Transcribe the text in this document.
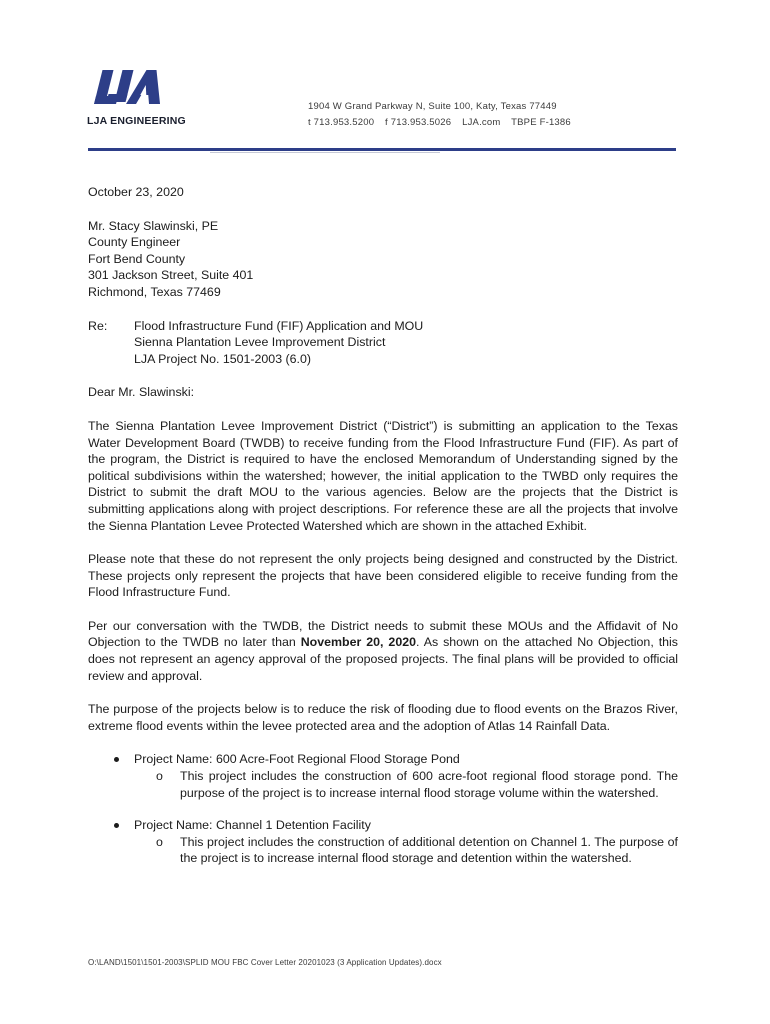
LJA ENGINEERING
1904 W Grand Parkway N, Suite 100, Katy, Texas 77449
t 713.953.5200 f 713.953.5026 LJA.com TBPE F-1386
October 23, 2020
Mr. Stacy Slawinski, PE
County Engineer
Fort Bend County
301 Jackson Street, Suite 401
Richmond, Texas 77469
Re:	Flood Infrastructure Fund (FIF) Application and MOU
Sienna Plantation Levee Improvement District
LJA Project No. 1501-2003 (6.0)
Dear Mr. Slawinski:
The Sienna Plantation Levee Improvement District (“District”) is submitting an application to the Texas Water Development Board (TWDB) to receive funding from the Flood Infrastructure Fund (FIF). As part of the program, the District is required to have the enclosed Memorandum of Understanding signed by the political subdivisions within the watershed; however, the initial application to the TWBD only requires the District to submit the draft MOU to the various agencies. Below are the projects that the District is submitting applications along with project descriptions. For reference these are all the projects that involve the Sienna Plantation Levee Protected Watershed which are shown in the attached Exhibit.
Please note that these do not represent the only projects being designed and constructed by the District. These projects only represent the projects that have been considered eligible to receive funding from the Flood Infrastructure Fund.
Per our conversation with the TWDB, the District needs to submit these MOUs and the Affidavit of No Objection to the TWDB no later than November 20, 2020. As shown on the attached No Objection, this does not represent an agency approval of the proposed projects. The final plans will be provided to official review and approval.
The purpose of the projects below is to reduce the risk of flooding due to flood events on the Brazos River, extreme flood events within the levee protected area and the adoption of Atlas 14 Rainfall Data.
Project Name: 600 Acre-Foot Regional Flood Storage Pond
o This project includes the construction of 600 acre-foot regional flood storage pond. The purpose of the project is to increase internal flood storage volume within the watershed.
Project Name: Channel 1 Detention Facility
o This project includes the construction of additional detention on Channel 1. The purpose of the project is to increase internal flood storage and detention within the watershed.
O:\LAND\1501\1501-2003\SPLID MOU FBC Cover Letter 20201023 (3 Application Updates).docx
